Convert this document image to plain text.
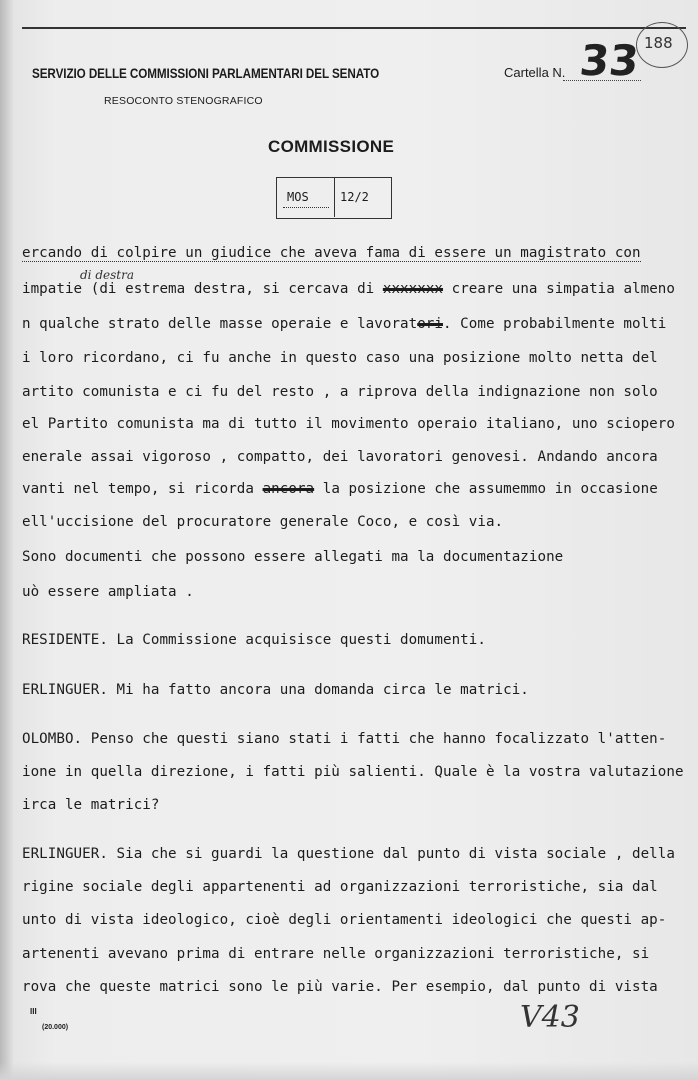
SERVIZIO DELLE COMMISSIONI PARLAMENTARI DEL SENATO
RESOCONTO STENOGRAFICO
Cartella N. 33 188
COMMISSIONE
MOS	12/2
di destra
ercando di colpire un giudice che aveva fama di essere un magistrato con
impatie (di estrema destra, si cercava di xxxxxxx creare una simpatia almeno
n qualche strato delle masse operaie e lavoratori. Come probabilmente molti
i loro ricordano, ci fu anche in questo caso una posizione molto netta del
artito comunista e ci fu del resto , a riprova della indignazione non solo
el Partito comunista ma di tutto il movimento operaio italiano, uno sciopero
enerale assai vigoroso , compatto, dei lavoratori genovesi. Andando ancora
vanti nel tempo, si ricorda ancora la posizione che assumemmo in occasione
ell'uccisione del procuratore generale Coco, e così via.
Sono documenti che possono essere allegati ma la documentazione
uò essere ampliata .
RESIDENTE. La Commissione acquisisce questi domumenti.
ERLINGUER. Mi ha fatto ancora una domanda circa le matrici.
OLOMBO. Penso che questi siano stati i fatti che hanno focalizzato l'atten-
ione in quella direzione, i fatti più salienti. Quale è la vostra valutazione
irca le matrici?
ERLINGUER. Sia che si guardi la questione dal punto di vista sociale , della
rigine sociale degli appartenenti ad organizzazioni terroristiche, sia dal
unto di vista ideologico, cioè degli orientamenti ideologici che questi ap-
artenenti avevano prima di entrare nelle organizzazioni terroristiche, si
rova che queste matrici sono le più varie. Per esempio, dal punto di vista
III
(20.000)	V43
